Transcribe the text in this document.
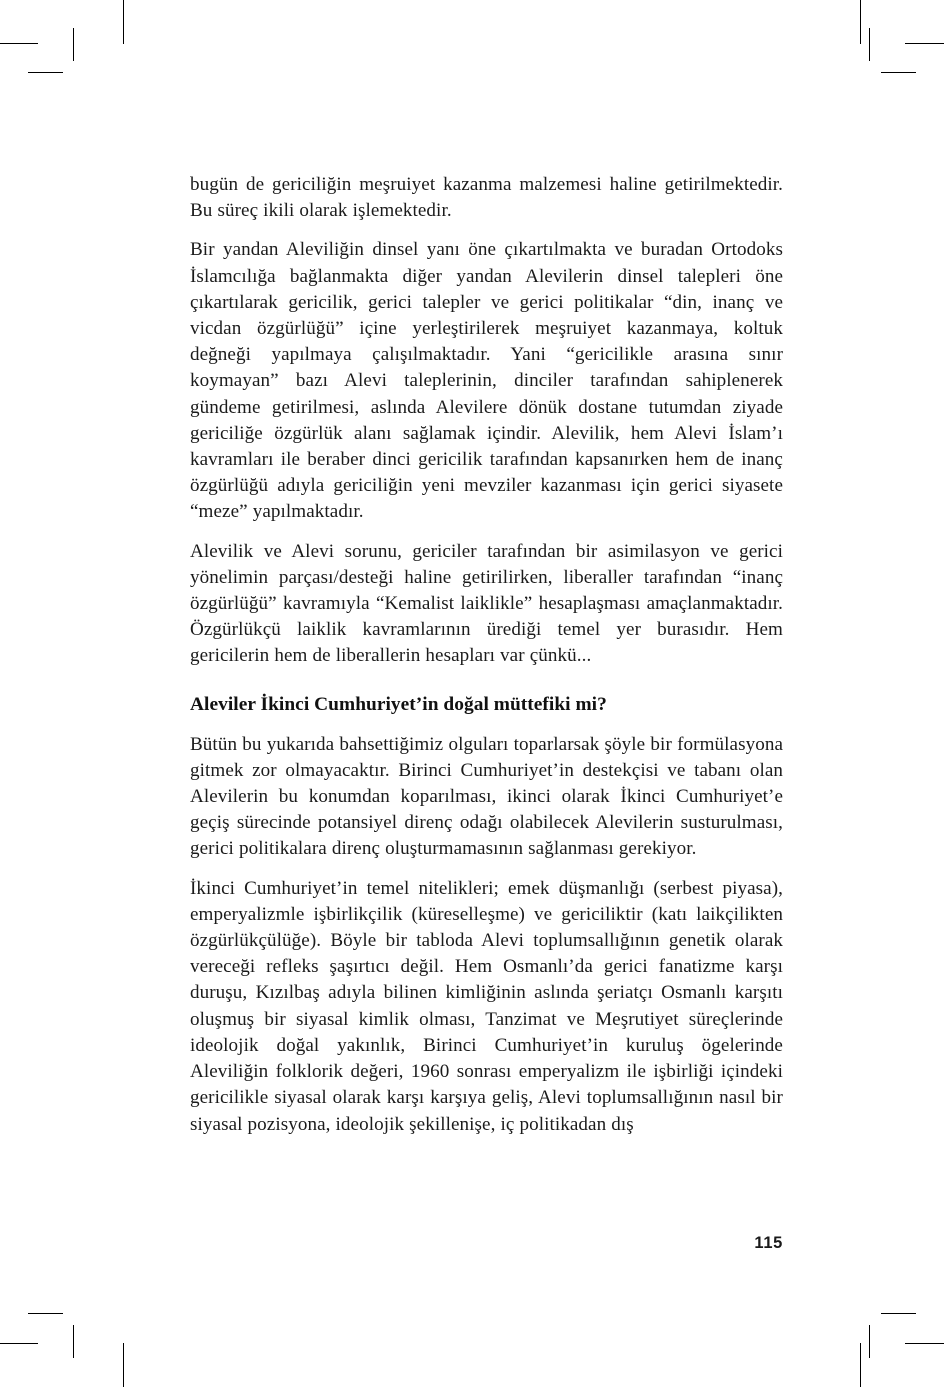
bugün de gericiliğin meşruiyet kazanma malzemesi haline getirilmektedir. Bu süreç ikili olarak işlemektedir.

Bir yandan Aleviliğin dinsel yanı öne çıkartılmakta ve buradan Ortodoks İslamcılığa bağlanmakta diğer yandan Alevilerin dinsel talepleri öne çıkartılarak gericilik, gerici talepler ve gerici politikalar “din, inanç ve vicdan özgürlüğü” içine yerleştirilerek meşruiyet kazanmaya, koltuk değneği yapılmaya çalışılmaktadır. Yani “gericilikle arasına sınır koymayan” bazı Alevi taleplerinin, dinciler tarafından sahiplenerek gündeme getirilmesi, aslında Alevilere dönük dostane tutumdan ziyade gericiliğe özgürlük alanı sağlamak içindir. Alevilik, hem Alevi İslam’ı kavramları ile beraber dinci gericilik tarafından kapsanırken hem de inanç özgürlüğü adıyla gericiliğin yeni mevziler kazanması için gerici siyasete “meze” yapılmaktadır.

Alevilik ve Alevi sorunu, gericiler tarafından bir asimilasyon ve gerici yönelimin parçası/desteği haline getirilirken, liberaller tarafından “inanç özgürlüğü” kavramıyla “Kemalist laiklikle” hesaplaşması amaçlanmaktadır. Özgürlükçü laiklik kavramlarının ürediği temel yer burasıdır. Hem gericilerin hem de liberallerin hesapları var çünkü...

Aleviler İkinci Cumhuriyet’in doğal müttefiki mi?

Bütün bu yukarıda bahsettiğimiz olguları toparlarsak şöyle bir formülasyona gitmek zor olmayacaktır. Birinci Cumhuriyet’in destekçisi ve tabanı olan Alevilerin bu konumdan koparılması, ikinci olarak İkinci Cumhuriyet’e geçiş sürecinde potansiyel direnç odağı olabilecek Alevilerin susturulması, gerici politikalara direnç oluşturmamasının sağlanması gerekiyor.

İkinci Cumhuriyet’in temel nitelikleri; emek düşmanlığı (serbest piyasa), emperyalizmle işbirlikçilik (küreselleşme) ve gericiliktir (katı laikçilikten özgürlükçülüğe). Böyle bir tabloda Alevi toplumsallığının genetik olarak vereceği refleks şaşırtıcı değil. Hem Osmanlı’da gerici fanatizme karşı duruşu, Kızılbaş adıyla bilinen kimliğinin aslında şeriatçı Osmanlı karşıtı oluşmuş bir siyasal kimlik olması, Tanzimat ve Meşrutiyet süreçlerinde ideolojik doğal yakınlık, Birinci Cumhuriyet’in kuruluş ögelerinde Aleviliğin folklorik değeri, 1960 sonrası emperyalizm ile işbirliği içindeki gericilikle siyasal olarak karşı karşıya geliş, Alevi toplumsallığının nasıl bir siyasal pozisyona, ideolojik şekillenişe, iç politikadan dış

115
